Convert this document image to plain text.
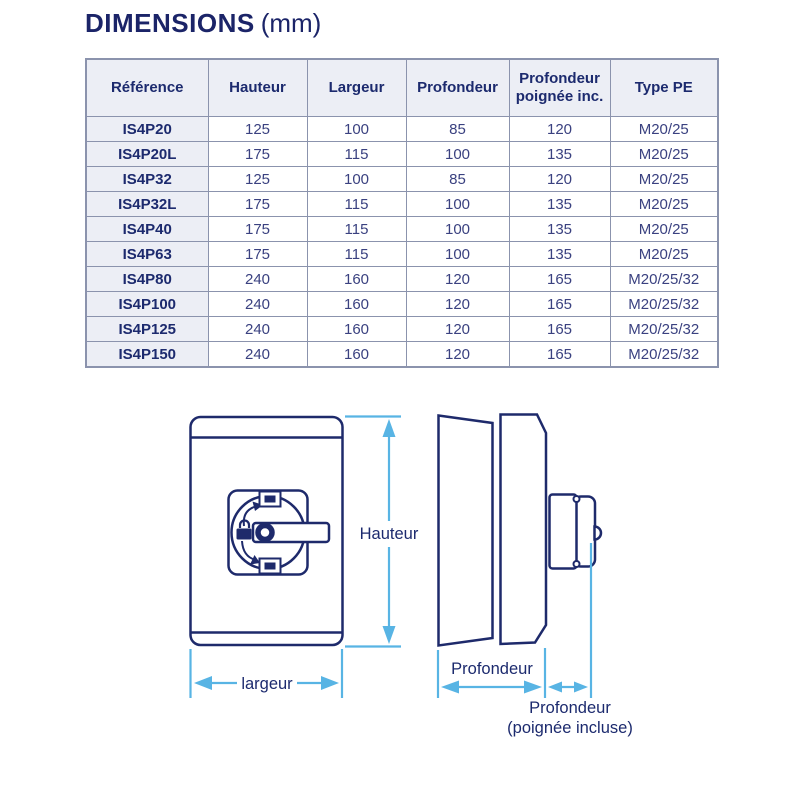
DIMENSIONS (mm)
Référence	Hauteur	Largeur	Profondeur	Profondeur poignée inc.	Type PE
IS4P20	125	100	85	120	M20/25
IS4P20L	175	115	100	135	M20/25
IS4P32	125	100	85	120	M20/25
IS4P32L	175	115	100	135	M20/25
IS4P40	175	115	100	135	M20/25
IS4P63	175	115	100	135	M20/25
IS4P80	240	160	120	165	M20/25/32
IS4P100	240	160	120	165	M20/25/32
IS4P125	240	160	120	165	M20/25/32
IS4P150	240	160	120	165	M20/25/32
Hauteur
largeur
Profondeur
Profondeur
(poignée incluse)
